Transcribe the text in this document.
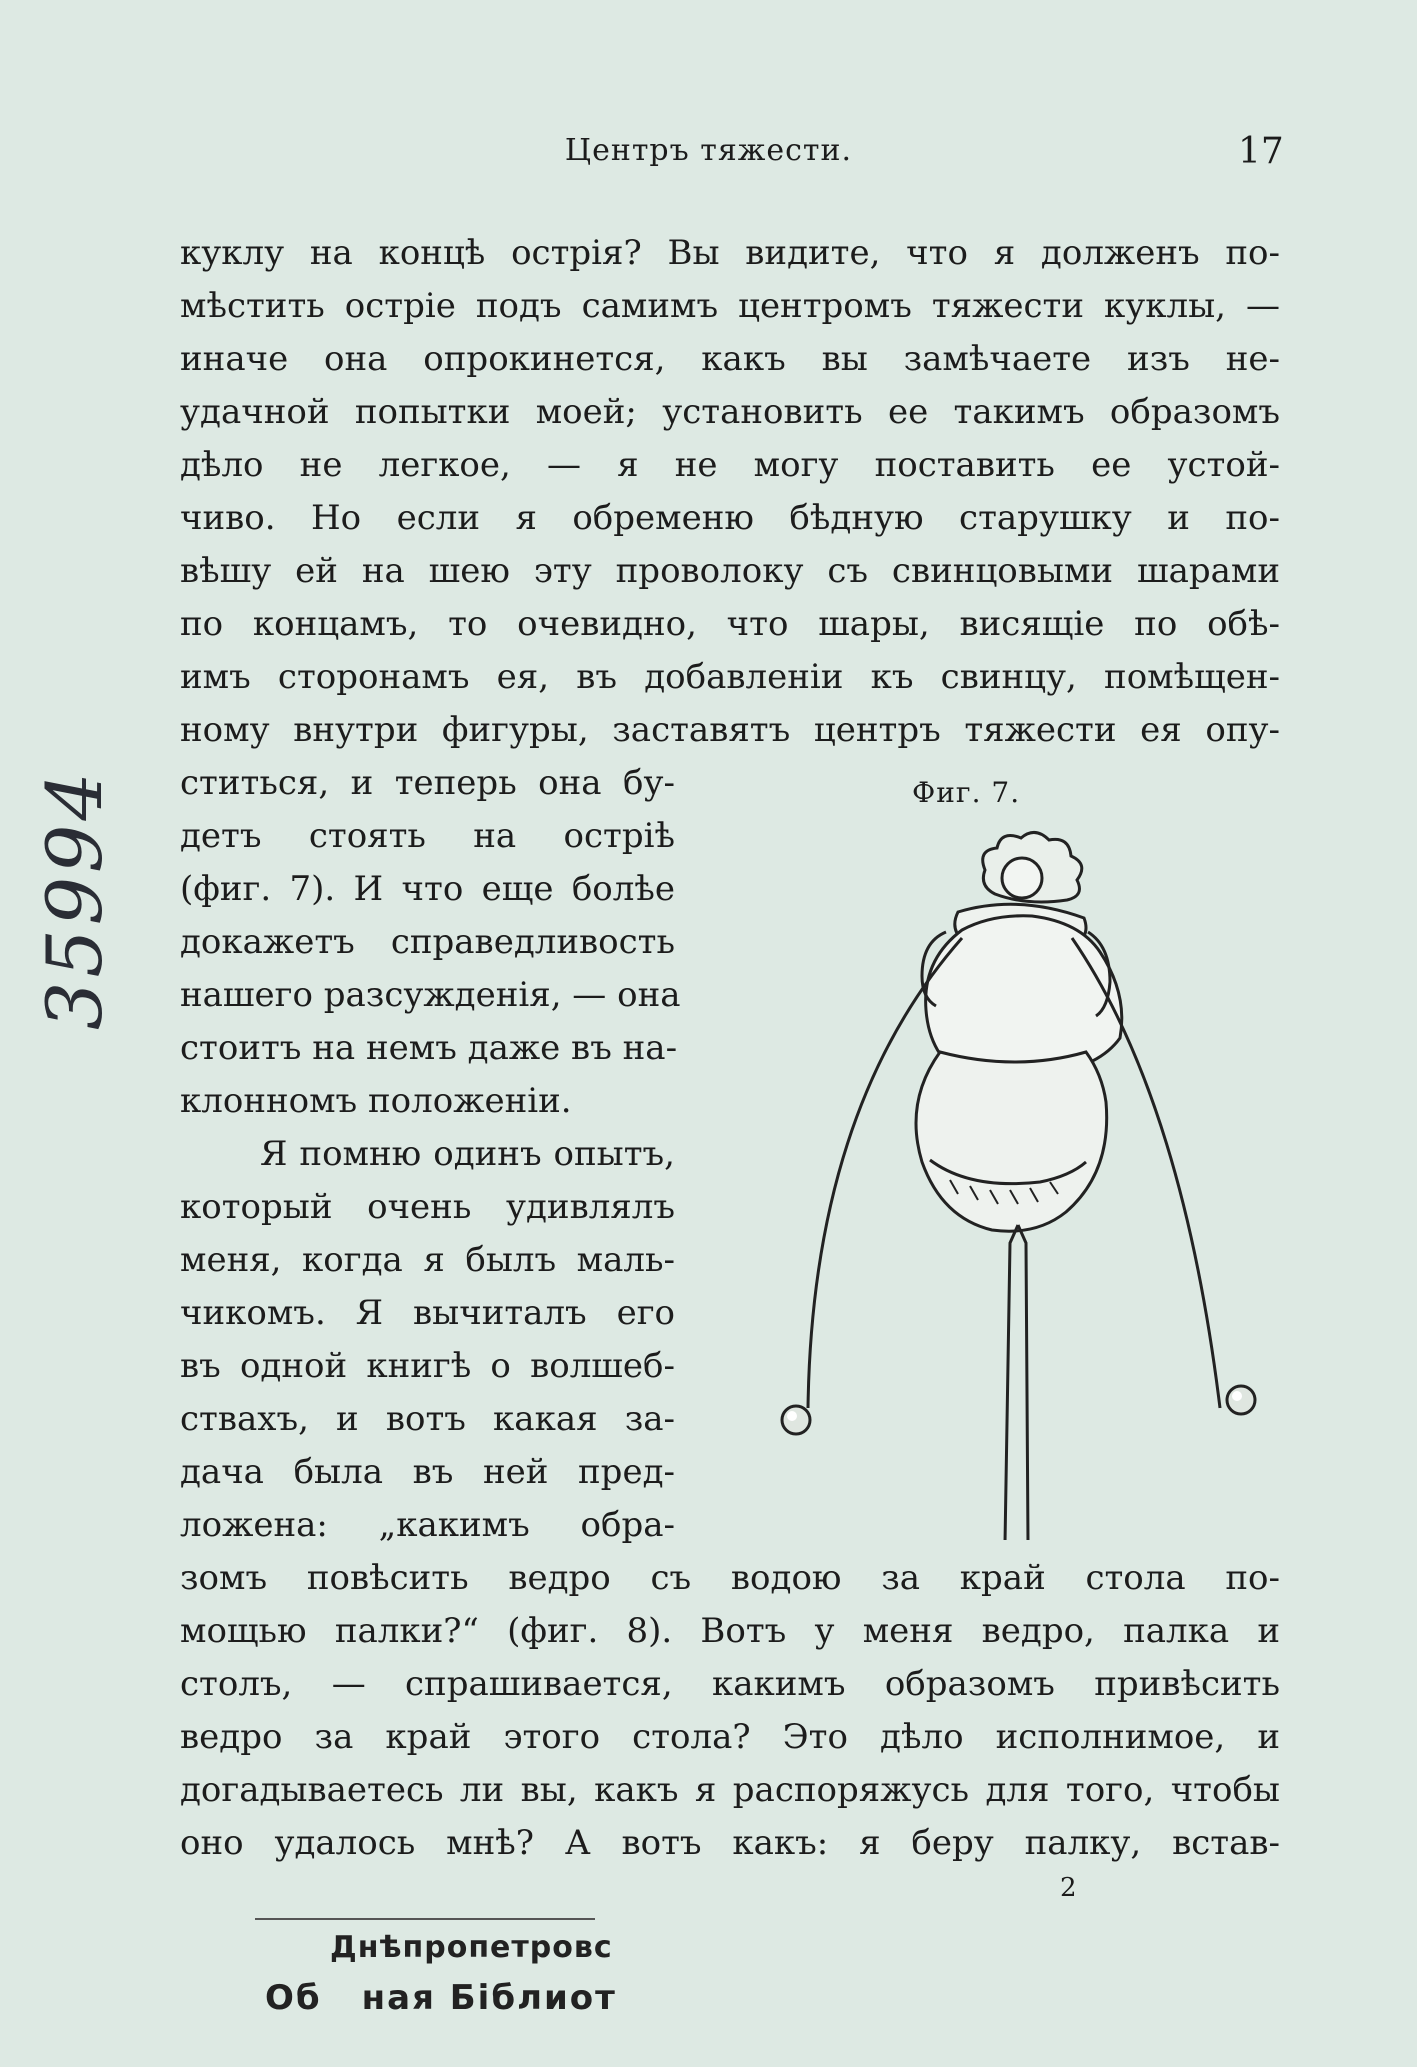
Центръ тяжести.	17
куклу на концѣ острія? Вы видите, что я долженъ по-
мѣстить остріе подъ самимъ центромъ тяжести куклы, —
иначе она опрокинется, какъ вы замѣчаете изъ не-
удачной попытки моей; установить ее такимъ образомъ
дѣло не легкое, — я не могу поставить ее устой-
чиво. Но если я обременю бѣдную старушку и по-
вѣшу ей на шею эту проволоку съ свинцовыми шарами
по концамъ, то очевидно, что шары, висящіе по обѣ-
имъ сторонамъ ея, въ добавленіи къ свинцу, помѣщен-
ному внутри фигуры, заставятъ центръ тяжести ея опу-
ститься, и теперь она бу-
детъ стоять на остріѣ
(фиг. 7). И что еще болѣе
докажетъ справедливость
нашего разсужденія, — она
стоитъ на немъ даже въ на-
клонномъ положеніи.
Я помню одинъ опытъ,
который очень удивлялъ
меня, когда я былъ маль-
чикомъ. Я вычиталъ его
въ одной книгѣ о волшеб-
ствахъ, и вотъ какая за-
дача была въ ней пред-
ложена: „какимъ обра-
зомъ повѣсить ведро съ водою за край стола по-
мощью палки?“ (фиг. 8). Вотъ у меня ведро, палка и
столъ, — спрашивается, какимъ образомъ привѣсить
ведро за край этого стола? Это дѣло исполнимое, и
догадываетесь ли вы, какъ я распоряжусь для того, чтобы
оно удалось мнѣ? А вотъ какъ: я беру палку, встав-
Фиг. 7.
35994
2
Днѣпропетровс
Об ная Біблиот
